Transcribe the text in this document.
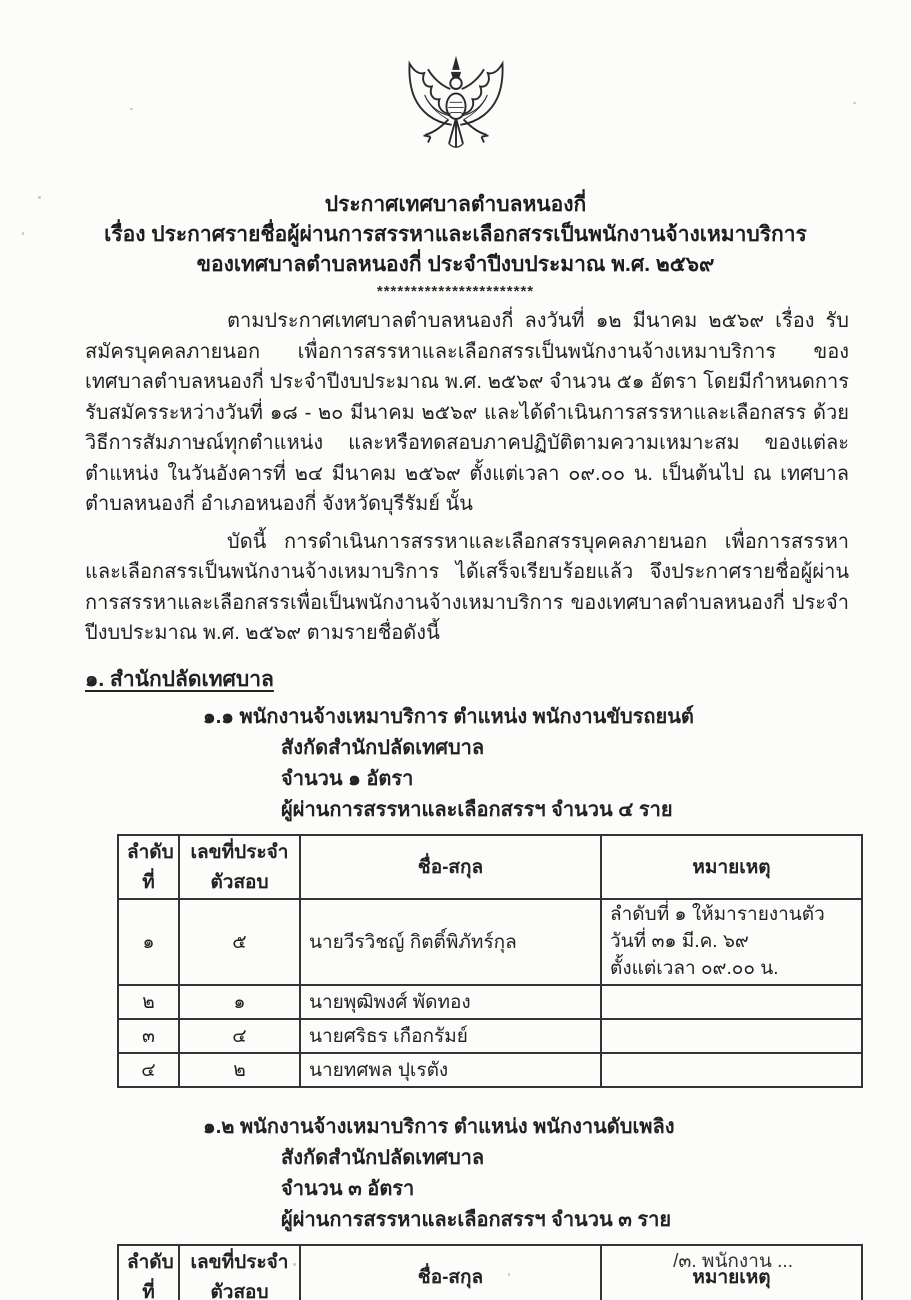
ประกาศเทศบาลตำบลหนองกี่
เรื่อง ประกาศรายชื่อผู้ผ่านการสรรหาและเลือกสรรเป็นพนักงานจ้างเหมาบริการ
ของเทศบาลตำบลหนองกี่ ประจำปีงบประมาณ พ.ศ. ๒๕๖๙
***********************

ตามประกาศเทศบาลตำบลหนองกี่ ลงวันที่ ๑๒ มีนาคม ๒๕๖๙ เรื่อง รับสมัครบุคคลภายนอก เพื่อการสรรหาและเลือกสรรเป็นพนักงานจ้างเหมาบริการ ของเทศบาลตำบลหนองกี่ ประจำปีงบประมาณ พ.ศ. ๒๕๖๙ จำนวน ๕๑ อัตรา โดยมีกำหนดการรับสมัครระหว่างวันที่ ๑๘ - ๒๐ มีนาคม ๒๕๖๙ และได้ดำเนินการสรรหาและเลือกสรร ด้วยวิธีการสัมภาษณ์ทุกตำแหน่ง และหรือทดสอบภาคปฏิบัติตามความเหมาะสม ของแต่ละตำแหน่ง ในวันอังคารที่ ๒๔ มีนาคม ๒๕๖๙ ตั้งแต่เวลา ๐๙.๐๐ น. เป็นต้นไป ณ เทศบาลตำบลหนองกี่ อำเภอหนองกี่ จังหวัดบุรีรัมย์ นั้น

บัดนี้ การดำเนินการสรรหาและเลือกสรรบุคคลภายนอก เพื่อการสรรหาและเลือกสรรเป็นพนักงานจ้างเหมาบริการ ได้เสร็จเรียบร้อยแล้ว จึงประกาศรายชื่อผู้ผ่านการสรรหาและเลือกสรรเพื่อเป็นพนักงานจ้างเหมาบริการ ของเทศบาลตำบลหนองกี่ ประจำปีงบประมาณ พ.ศ. ๒๕๖๙ ตามรายชื่อดังนี้

๑. สำนักปลัดเทศบาล
๑.๑ พนักงานจ้างเหมาบริการ ตำแหน่ง พนักงานขับรถยนต์
สังกัดสำนักปลัดเทศบาล
จำนวน ๑ อัตรา
ผู้ผ่านการสรรหาและเลือกสรรฯ จำนวน ๔ ราย
ลำดับที่	เลขที่ประจำตัวสอบ	ชื่อ-สกุล	หมายเหตุ
๑	๕	นายวีรวิชญ์ กิตติ์พิภัทร์กุล	ลำดับที่ ๑ ให้มารายงานตัว
วันที่ ๓๑ มี.ค. ๖๙
ตั้งแต่เวลา ๐๙.๐๐ น.

๒	๑	นายพุฒิพงศ์ พัดทอง	
๓	๔	นายศริธร เกือกรัมย์	
๔	๒	นายทศพล ปุเรตัง	
๑.๒ พนักงานจ้างเหมาบริการ ตำแหน่ง พนักงานดับเพลิง
สังกัดสำนักปลัดเทศบาล
จำนวน ๓ อัตรา
ผู้ผ่านการสรรหาและเลือกสรรฯ จำนวน ๓ ราย
ลำดับที่	เลขที่ประจำตัวสอบ	ชื่อ-สกุล	หมายเหตุ

/๓. พนักงาน ...
